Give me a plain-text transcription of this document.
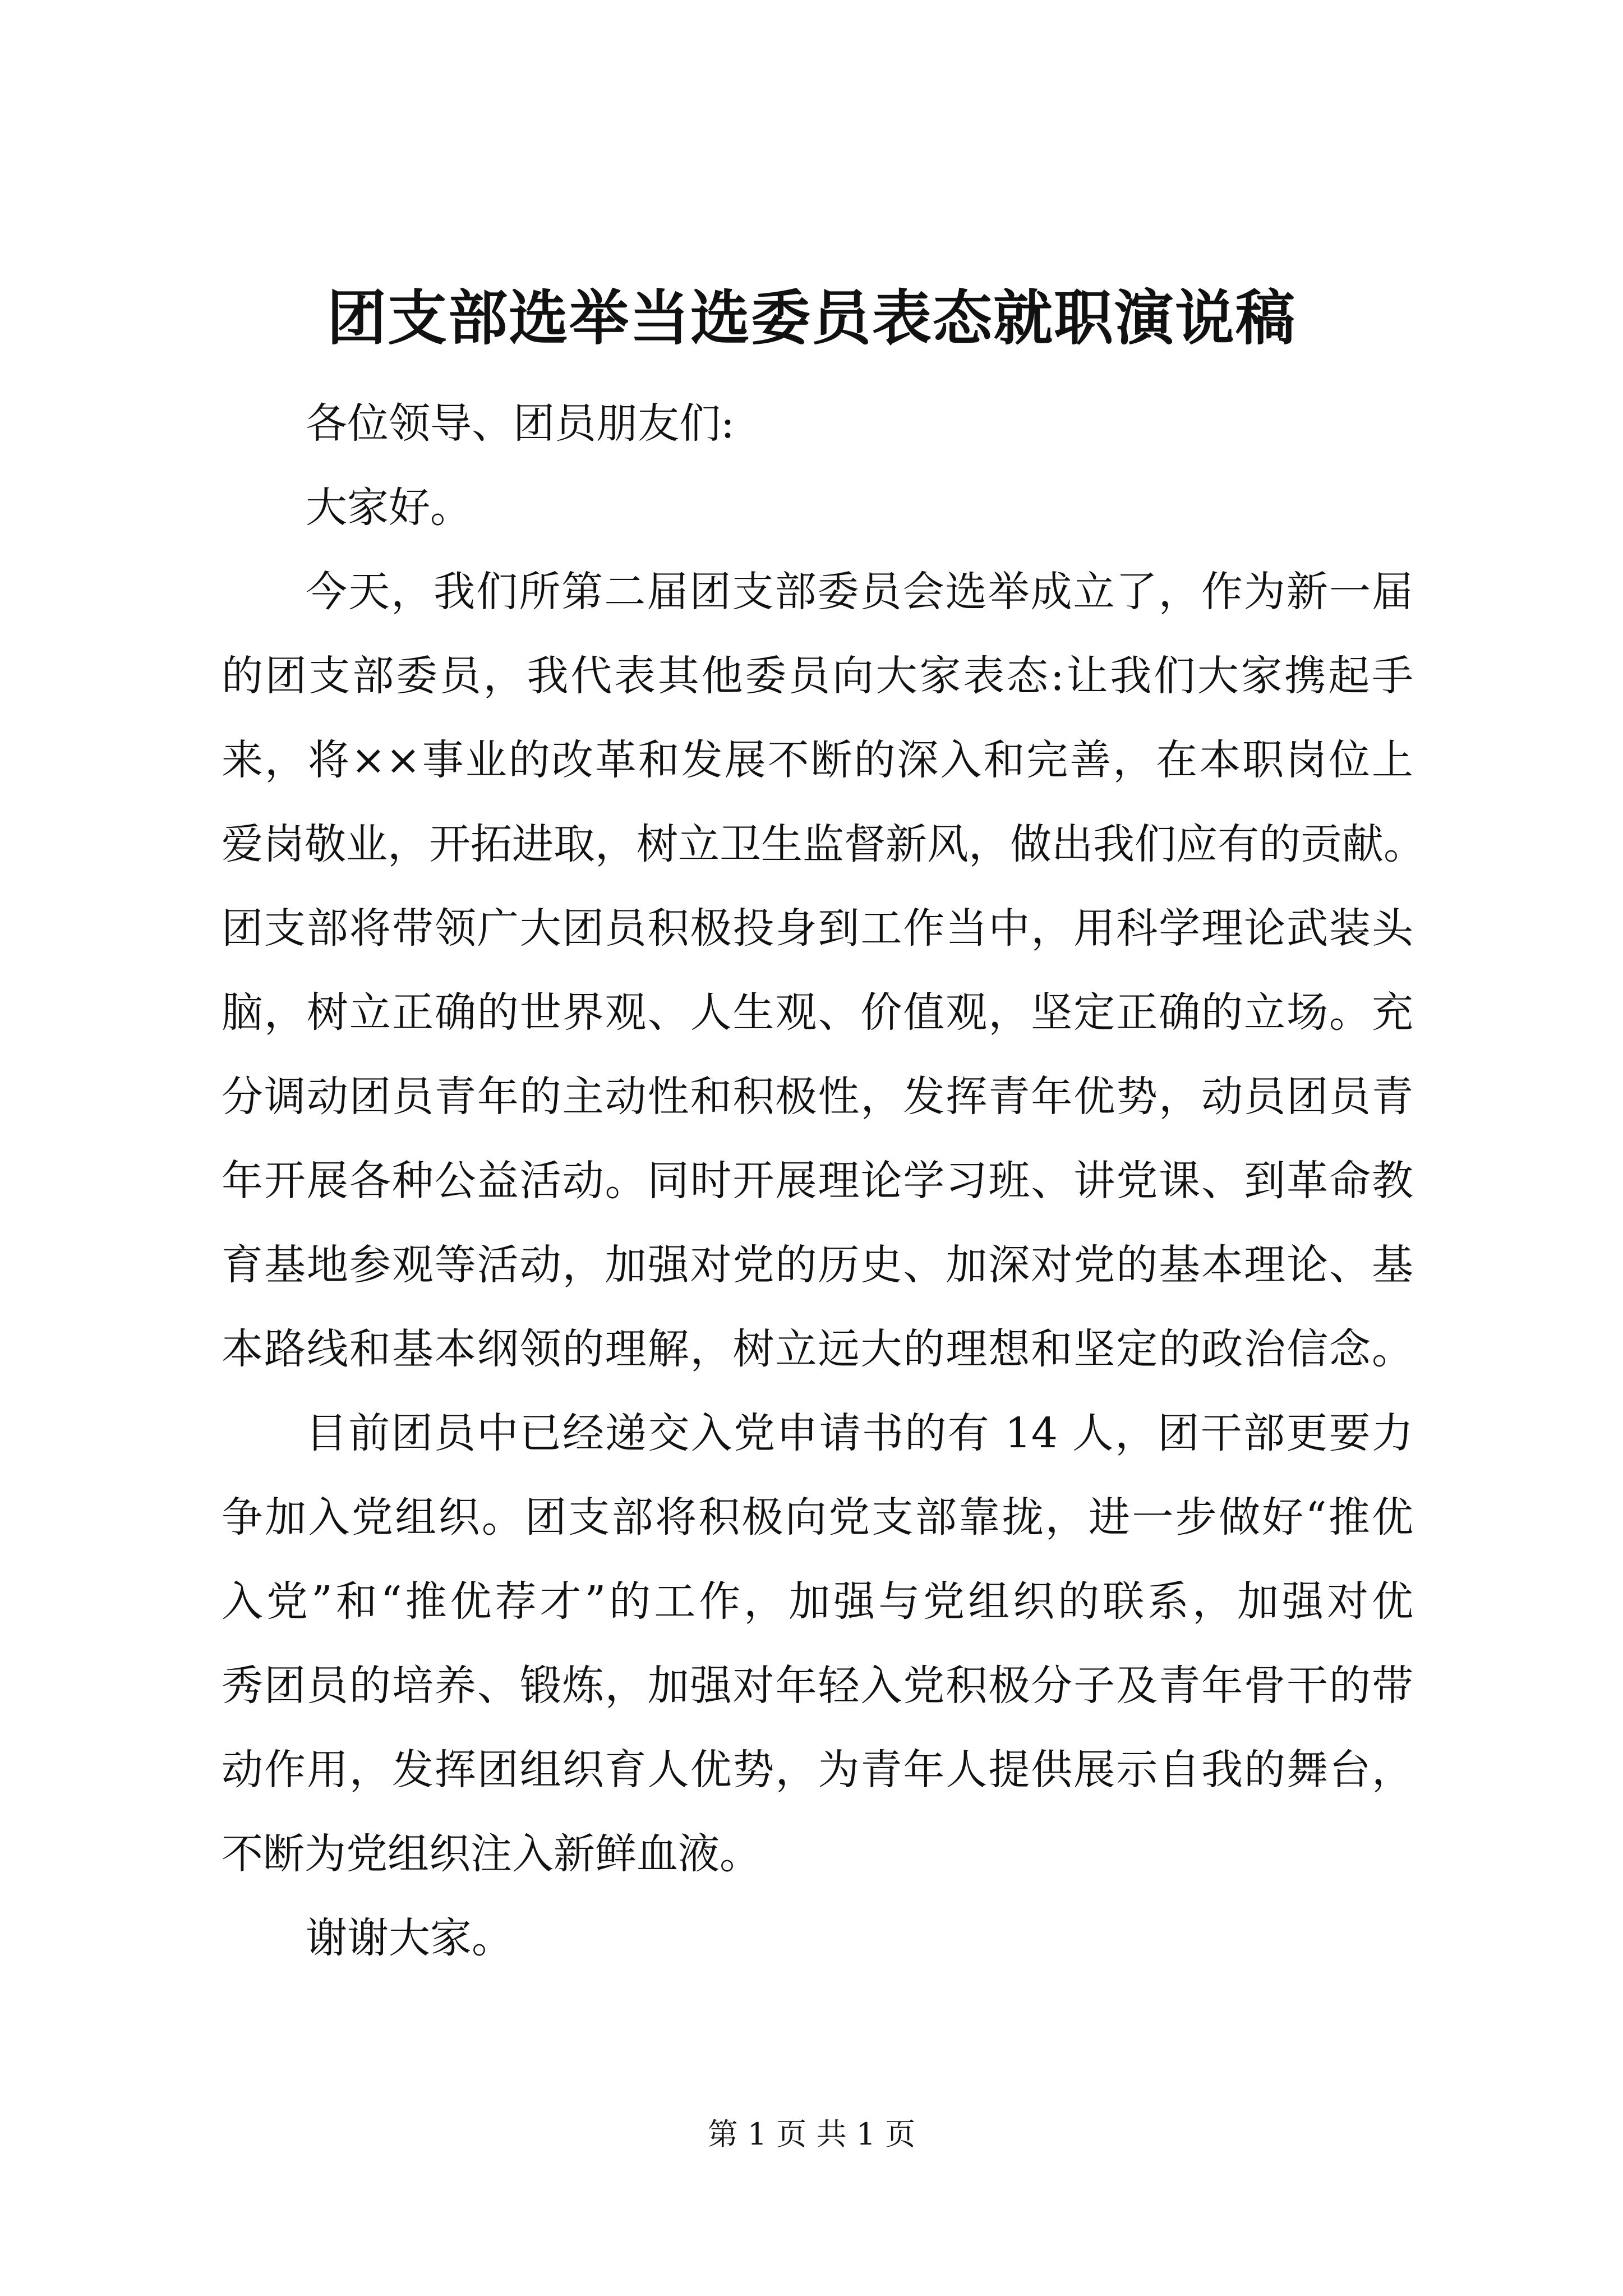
团支部选举当选委员表态就职演说稿
各位领导、团员朋友们:
大家好。
今天，我们所第二届团支部委员会选举成立了，作为新一届
的团支部委员，我代表其他委员向大家表态:让我们大家携起手
来，将××事业的改革和发展不断的深入和完善，在本职岗位上
爱岗敬业，开拓进取，树立卫生监督新风，做出我们应有的贡献。
团支部将带领广大团员积极投身到工作当中，用科学理论武装头
脑，树立正确的世界观、人生观、价值观，坚定正确的立场。充
分调动团员青年的主动性和积极性，发挥青年优势，动员团员青
年开展各种公益活动。同时开展理论学习班、讲党课、到革命教
育基地参观等活动，加强对党的历史、加深对党的基本理论、基
本路线和基本纲领的理解，树立远大的理想和坚定的政治信念。
目前团员中已经递交入党申请书的有 14 人，团干部更要力
争加入党组织。团支部将积极向党支部靠拢，进一步做好“推优
入党”和“推优荐才”的工作，加强与党组织的联系，加强对优
秀团员的培养、锻炼，加强对年轻入党积极分子及青年骨干的带
动作用，发挥团组织育人优势，为青年人提供展示自我的舞台，
不断为党组织注入新鲜血液。
谢谢大家。
第 1 页 共 1 页
